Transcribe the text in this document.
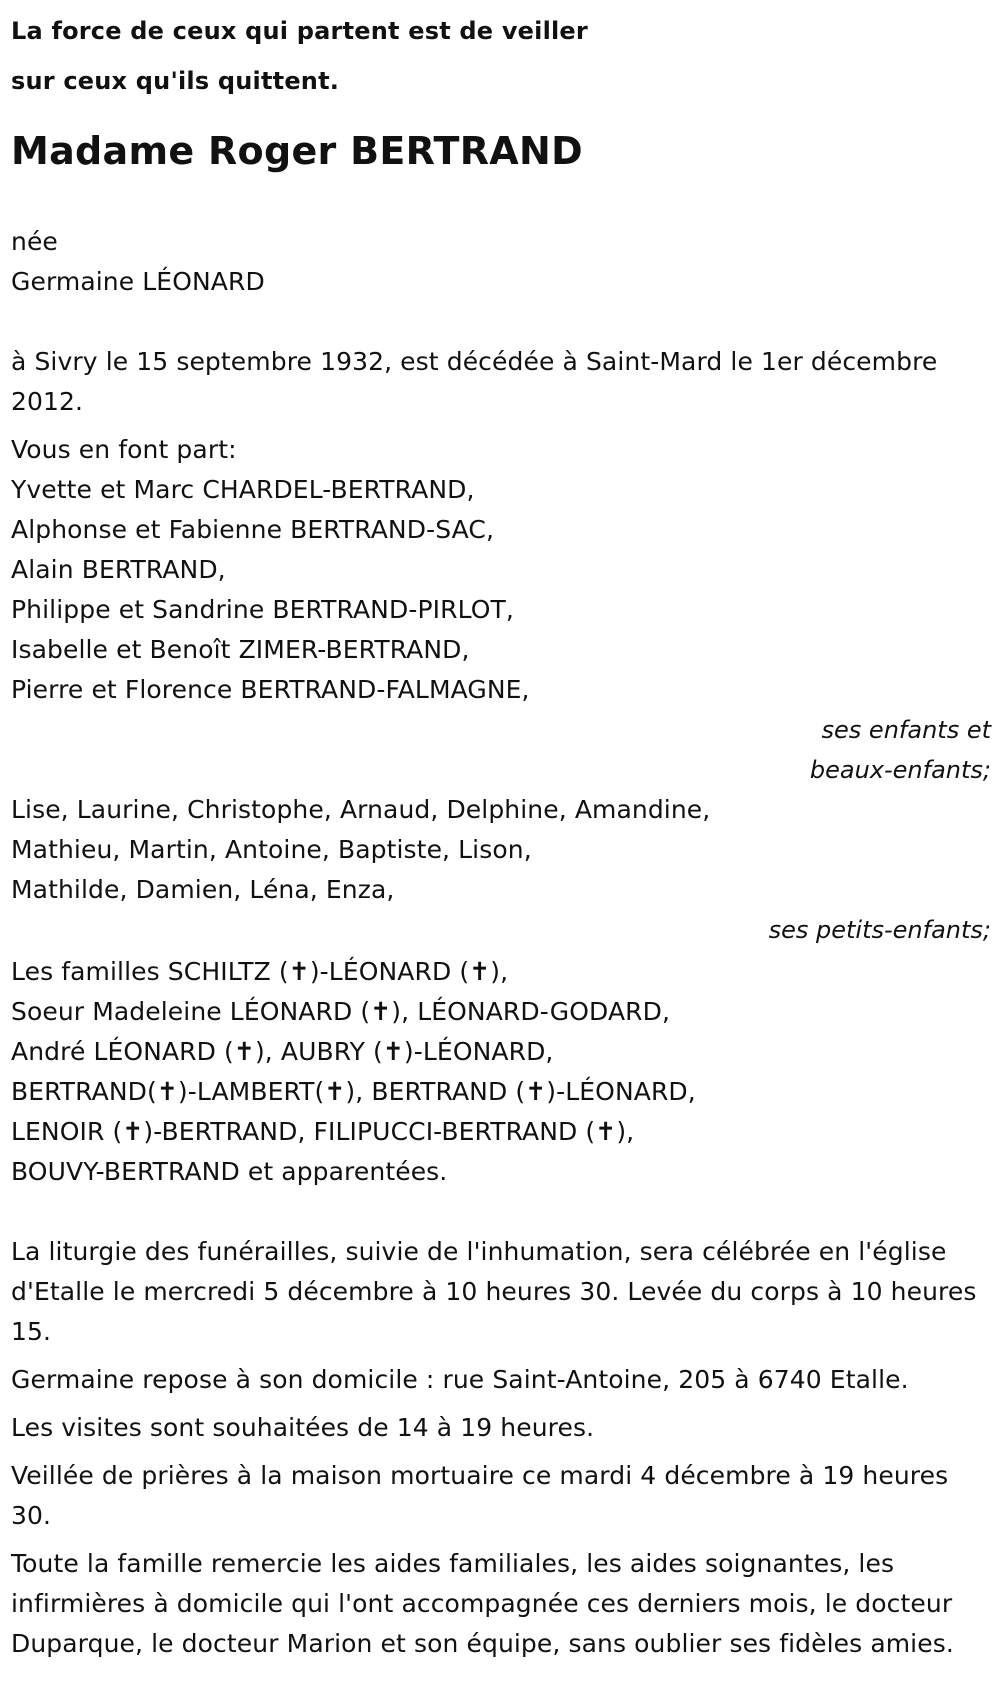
La force de ceux qui partent est de veiller
sur ceux qu'ils quittent.

Madame Roger BERTRAND
née
Germaine LÉONARD
à Sivry le 15 septembre 1932, est décédée à Saint-Mard le 1er décembre 2012.
Vous en font part:
Yvette et Marc CHARDEL-BERTRAND,
Alphonse et Fabienne BERTRAND-SAC,
Alain BERTRAND,
Philippe et Sandrine BERTRAND-PIRLOT,
Isabelle et Benoît ZIMER-BERTRAND,
Pierre et Florence BERTRAND-FALMAGNE,
ses enfants et
beaux-enfants;
Lise, Laurine, Christophe, Arnaud, Delphine, Amandine,
Mathieu, Martin, Antoine, Baptiste, Lison,
Mathilde, Damien, Léna, Enza,
ses petits-enfants;
Les familles SCHILTZ (✝)-LÉONARD (✝),
Soeur Madeleine LÉONARD (✝), LÉONARD-GODARD,
André LÉONARD (✝), AUBRY (✝)-LÉONARD,
BERTRAND(✝)-LAMBERT(✝), BERTRAND (✝)-LÉONARD,
LENOIR (✝)-BERTRAND, FILIPUCCI-BERTRAND (✝),
BOUVY-BERTRAND et apparentées.
La liturgie des funérailles, suivie de l'inhumation, sera célébrée en l'église d'Etalle le mercredi 5 décembre à 10 heures 30. Levée du corps à 10 heures 15.
Germaine repose à son domicile : rue Saint-Antoine, 205 à 6740 Etalle.
Les visites sont souhaitées de 14 à 19 heures.
Veillée de prières à la maison mortuaire ce mardi 4 décembre à 19 heures 30.
Toute la famille remercie les aides familiales, les aides soignantes, les infirmières à domicile qui l'ont accompagnée ces derniers mois, le docteur Duparque, le docteur Marion et son équipe, sans oublier ses fidèles amies.
